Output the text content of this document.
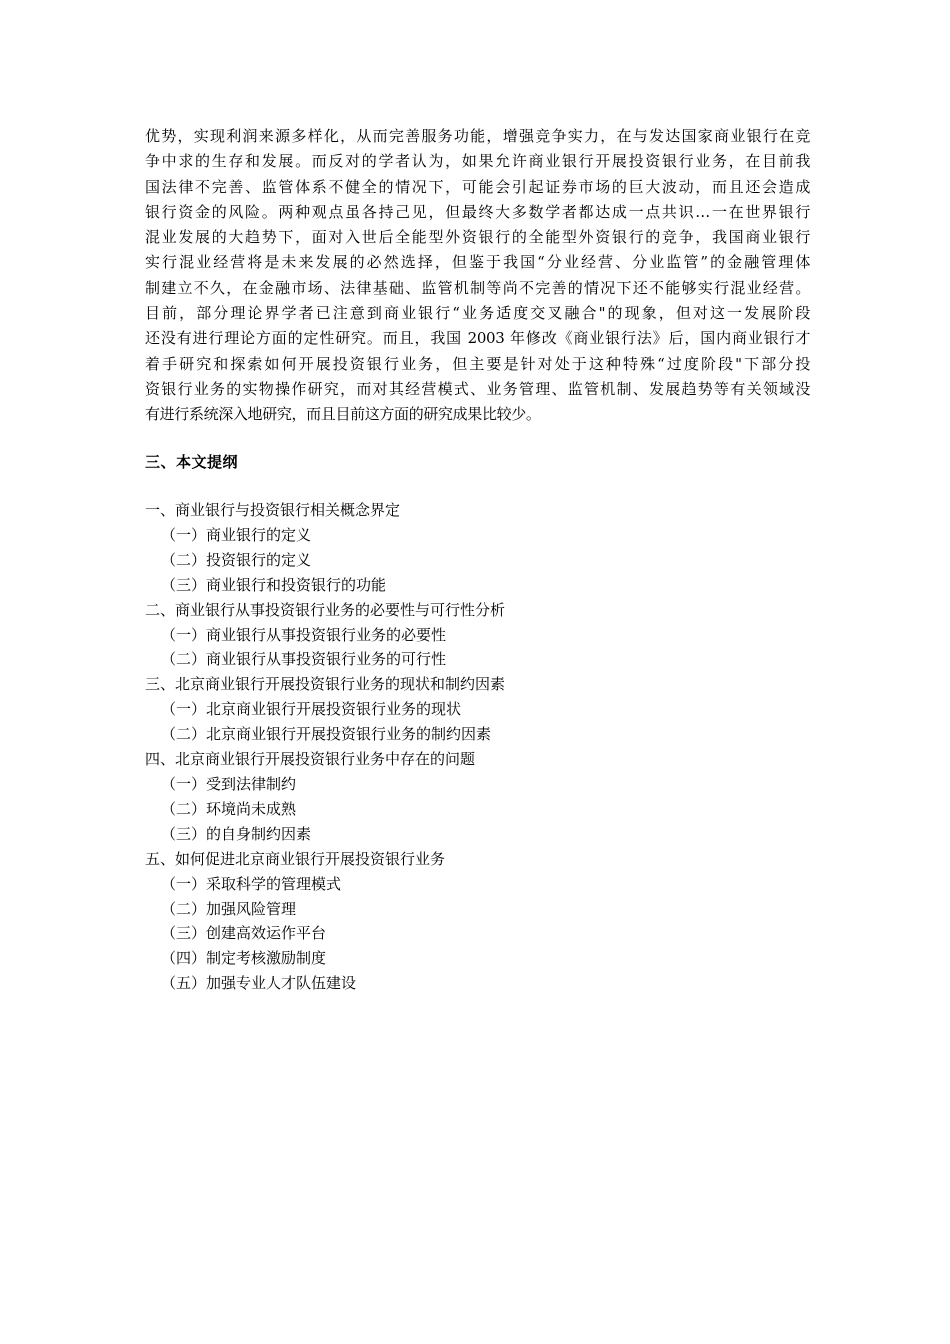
优势，实现利润来源多样化，从而完善服务功能，增强竞争实力，在与发达国家商业银行在竞
争中求的生存和发展。而反对的学者认为，如果允许商业银行开展投资银行业务，在目前我
国法律不完善、监管体系不健全的情况下，可能会引起证券市场的巨大波动，而且还会造成
银行资金的风险。两种观点虽各持己见，但最终大多数学者都达成一点共识…一在世界银行
混业发展的大趋势下，面对入世后全能型外资银行的全能型外资银行的竞争，我国商业银行
实行混业经营将是未来发展的必然选择，但鉴于我国“分业经营、分业监管”的金融管理体
制建立不久，在金融市场、法律基础、监管机制等尚不完善的情况下还不能够实行混业经营。
目前，部分理论界学者已注意到商业银行“业务适度交叉融合"的现象，但对这一发展阶段
还没有进行理论方面的定性研究。而且，我国 2003 年修改《商业银行法》后，国内商业银行才
着手研究和探索如何开展投资银行业务，但主要是针对处于这种特殊“过度阶段"下部分投
资银行业务的实物操作研究，而对其经营模式、业务管理、监管机制、发展趋势等有关领域没
有进行系统深入地研究，而且目前这方面的研究成果比较少。

三、本文提纲
一、商业银行与投资银行相关概念界定
（一）商业银行的定义
（二）投资银行的定义
（三）商业银行和投资银行的功能
二、商业银行从事投资银行业务的必要性与可行性分析
（一）商业银行从事投资银行业务的必要性
（二）商业银行从事投资银行业务的可行性
三、北京商业银行开展投资银行业务的现状和制约因素
（一）北京商业银行开展投资银行业务的现状
（二）北京商业银行开展投资银行业务的制约因素
四、北京商业银行开展投资银行业务中存在的问题
（一）受到法律制约
（二）环境尚未成熟
（三）的自身制约因素
五、如何促进北京商业银行开展投资银行业务
（一）采取科学的管理模式
（二）加强风险管理
（三）创建高效运作平台
（四）制定考核激励制度
（五）加强专业人才队伍建设
